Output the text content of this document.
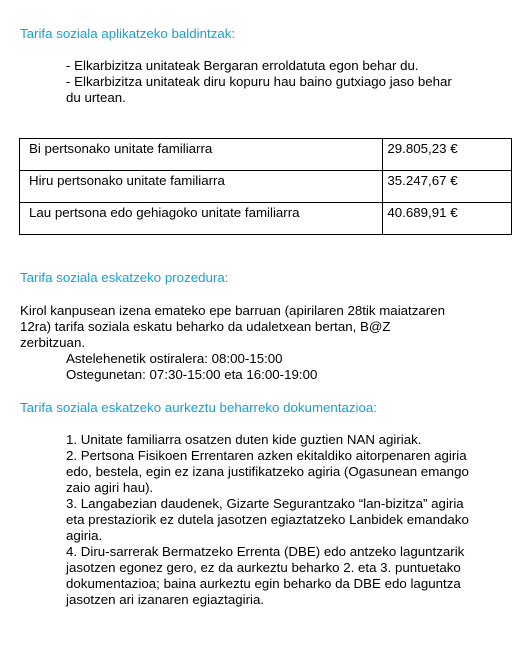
Tarifa soziala aplikatzeko baldintzak:
- Elkarbizitza unitateak Bergaran erroldatuta egon behar du.
- Elkarbizitza unitateak diru kopuru hau baino gutxiago jaso behar
du urtean.
Bi pertsonako unitate familiarra	29.805,23 €
Hiru pertsonako unitate familiarra	35.247,67 €
Lau pertsona edo gehiagoko unitate familiarra	40.689,91 €
Tarifa soziala eskatzeko prozedura:
Kirol kanpusean izena emateko epe barruan (apirilaren 28tik maiatzaren
12ra) tarifa soziala eskatu beharko da udaletxean bertan, B@Z
zerbitzuan.
Astelehenetik ostiralera: 08:00-15:00
Ostegunetan: 07:30-15:00 eta 16:00-19:00
Tarifa soziala eskatzeko aurkeztu beharreko dokumentazioa:
1. Unitate familiarra osatzen duten kide guztien NAN agiriak.
2. Pertsona Fisikoen Errentaren azken ekitaldiko aitorpenaren agiria
edo, bestela, egin ez izana justifikatzeko agiria (Ogasunean emango
zaio agiri hau).
3. Langabezian daudenek, Gizarte Segurantzako “lan-bizitza” agiria
eta prestaziorik ez dutela jasotzen egiaztatzeko Lanbidek emandako
agiria.
4. Diru-sarrerak Bermatzeko Errenta (DBE) edo antzeko laguntzarik
jasotzen egonez gero, ez da aurkeztu beharko 2. eta 3. puntuetako
dokumentazioa; baina aurkeztu egin beharko da DBE edo laguntza
jasotzen ari izanaren egiaztagiria.
